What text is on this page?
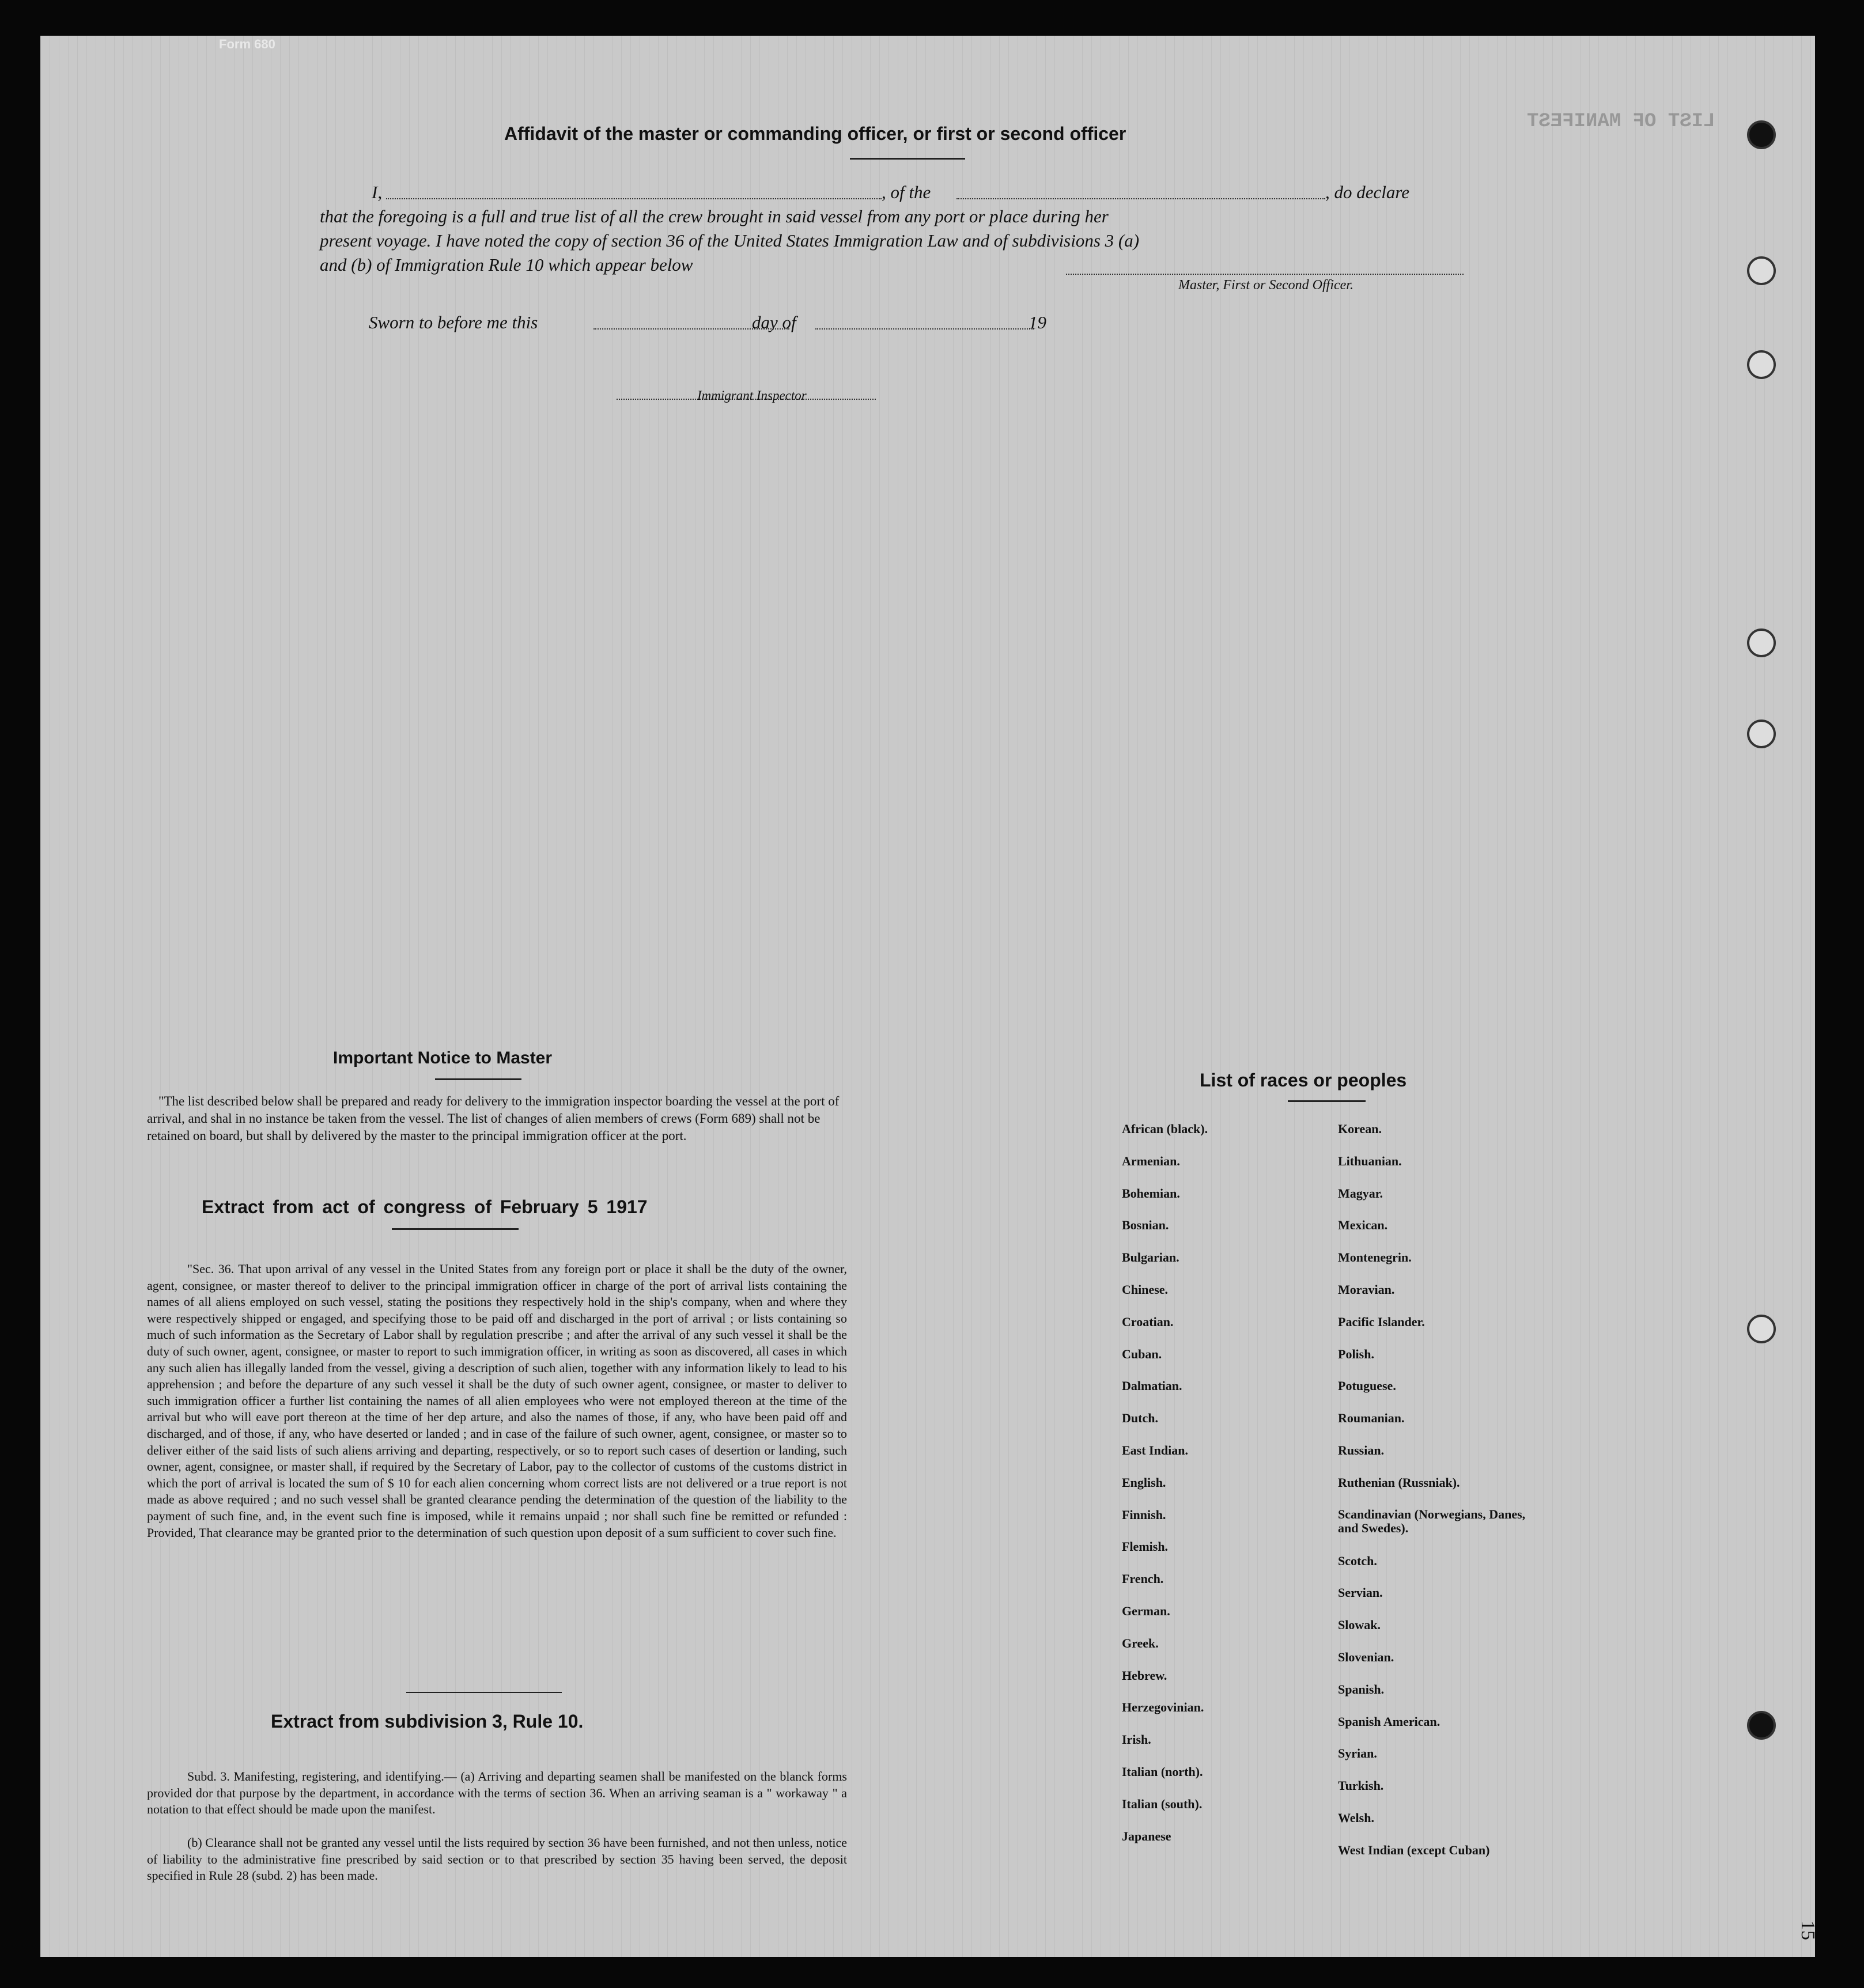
Form 680
LIST OF MANIFEST
Affidavit of the master or commanding officer, or first or second officer
I,	, of the	, do declare
that the foregoing is a full and true list of all the crew brought in said vessel from any port or place during her
present voyage. I have noted the copy of section 36 of the United States Immigration Law and of subdivisions 3 (a)
and (b) of Immigration Rule 10 which appear below
Master, First or Second Officer.
Sworn to before me this	day of	19
Immigrant Inspector
Important Notice to Master
"The list described below shall be prepared and ready for delivery to the immigration inspector boarding the vessel at the port of arrival, and shal in no instance be taken from the vessel. The list of changes of alien members of crews (Form 689) shall not be retained on board, but shall by delivered by the master to the principal immigration officer at the port.
Extract from act of congress of February 5 1917
"Sec. 36. That upon arrival of any vessel in the United States from any foreign port or place it shall be the duty of the owner, agent, consignee, or master thereof to deliver to the principal immigration officer in charge of the port of arrival lists containing the names of all aliens employed on such vessel, stating the positions they respectively hold in the ship's company, when and where they were respectively shipped or engaged, and specifying those to be paid off and discharged in the port of arrival ; or lists containing so much of such information as the Secretary of Labor shall by regulation prescribe ; and after the arrival of any such vessel it shall be the duty of such owner, agent, consignee, or master to report to such immigration officer, in writing as soon as discovered, all cases in which any such alien has illegally landed from the vessel, giving a description of such alien, together with any information likely to lead to his apprehension ; and before the departure of any such vessel it shall be the duty of such owner agent, consignee, or master to deliver to such immigration officer a further list containing the names of all alien employees who were not employed thereon at the time of the arrival but who will eave port thereon at the time of her dep arture, and also the names of those, if any, who have been paid off and discharged, and of those, if any, who have deserted or landed ; and in case of the failure of such owner, agent, consignee, or master so to deliver either of the said lists of such aliens arriving and departing, respectively, or so to report such cases of desertion or landing, such owner, agent, consignee, or master shall, if required by the Secretary of Labor, pay to the collector of customs of the customs district in which the port of arrival is located the sum of $ 10 for each alien concerning whom correct lists are not delivered or a true report is not made as above required ; and no such vessel shall be granted clearance pending the determination of the question of the liability to the payment of such fine, and, in the event such fine is imposed, while it remains unpaid ; nor shall such fine be remitted or refunded : Provided, That clearance may be granted prior to the determination of such question upon deposit of a sum sufficient to cover such fine.
Extract from subdivision 3, Rule 10.
Subd. 3. Manifesting, registering, and identifying.— (a) Arriving and departing seamen shall be manifested on the blanck forms provided dor that purpose by the department, in accordance with the terms of section 36. When an arriving seaman is a " workaway " a notation to that effect should be made upon the manifest.
(b) Clearance shall not be granted any vessel until the lists required by section 36 have been furnished, and not then unless, notice of liability to the administrative fine prescribed by said section or to that prescribed by section 35 having been served, the deposit specified in Rule 28 (subd. 2) has been made.
List of races or peoples
African (black).
Armenian.
Bohemian.
Bosnian.
Bulgarian.
Chinese.
Croatian.
Cuban.
Dalmatian.
Dutch.
East Indian.
English.
Finnish.
Flemish.
French.
German.
Greek.
Hebrew.
Herzegovinian.
Irish.
Italian (north).
Italian (south).
Japanese
Korean.
Lithuanian.
Magyar.
Mexican.
Montenegrin.
Moravian.
Pacific Islander.
Polish.
Potuguese.
Roumanian.
Russian.
Ruthenian (Russniak).
Scandinavian (Norwegians, Danes, and Swedes).
Scotch.
Servian.
Slowak.
Slovenian.
Spanish.
Spanish American.
Syrian.
Turkish.
Welsh.
West Indian (except Cuban)
15
